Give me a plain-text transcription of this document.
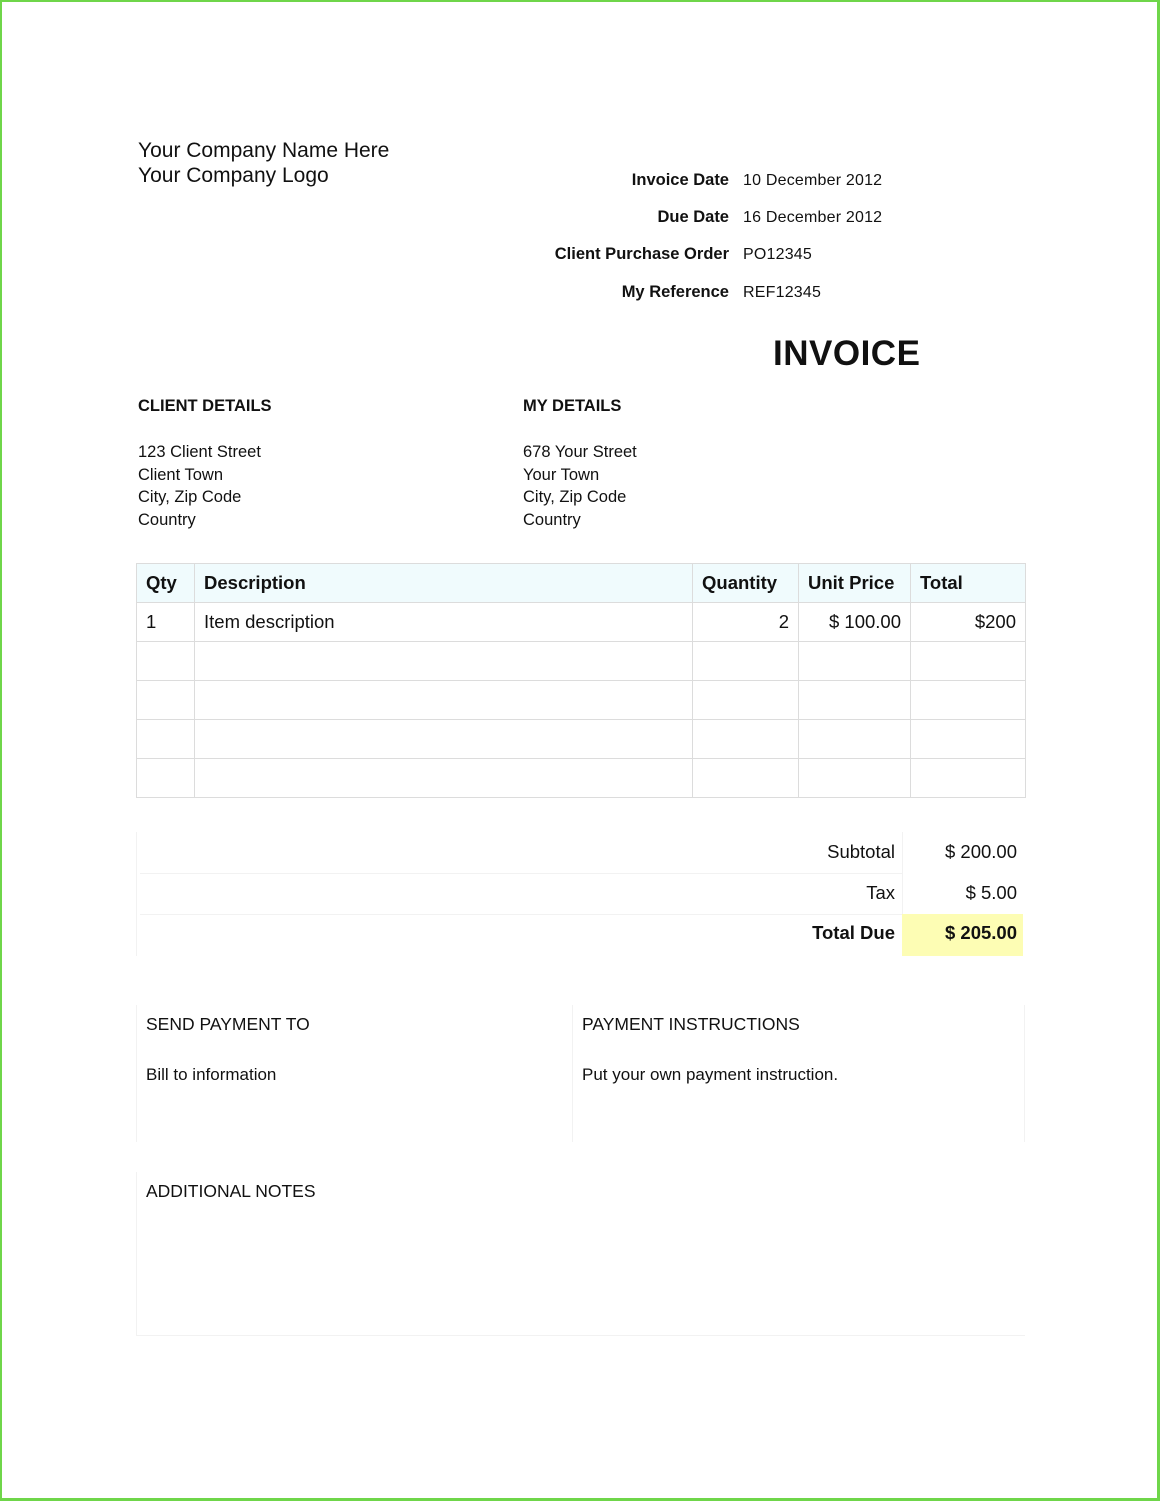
Your Company Name Here
Your Company Logo	Invoice Date 10 December 2012
Due Date 16 December 2012
Client Purchase Order PO12345
My Reference REF12345
INVOICE
CLIENT DETAILS
123 Client Street
Client Town
City, Zip Code
Country
MY DETAILS
678 Your Street
Your Town
City, Zip Code
Country
Qty	Description	Quantity	Unit Price	Total
1	Item description	2	$ 100.00	$200

Subtotal	$ 200.00
Tax	$ 5.00
Total Due	$ 205.00
SEND PAYMENT TO
Bill to information
PAYMENT INSTRUCTIONS
Put your own payment instruction.
ADDITIONAL NOTES
